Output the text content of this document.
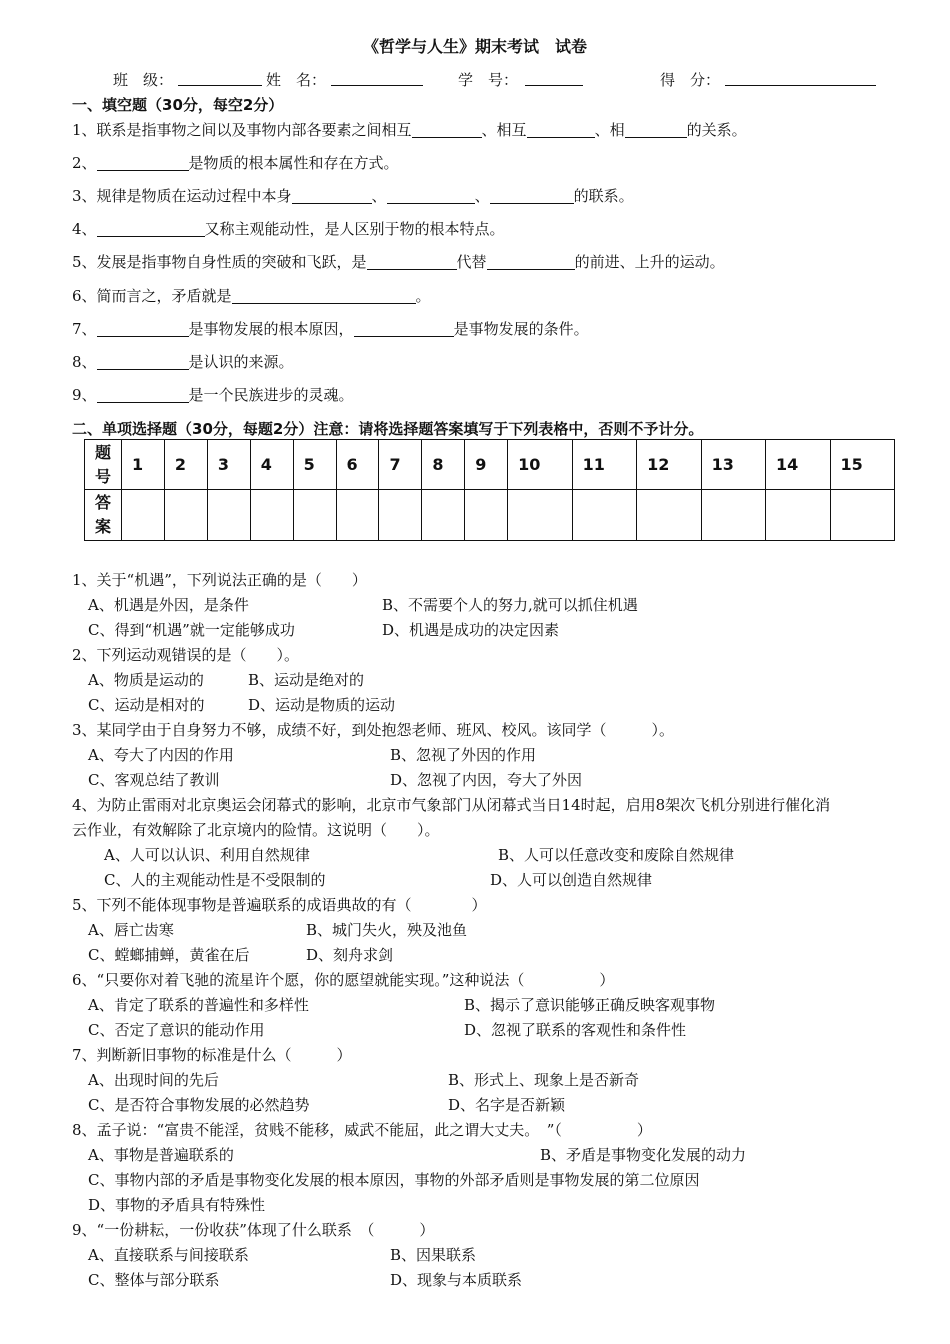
《哲学与人生》期末考试　试卷
班　级：	姓　名：	学　号：	得　分：
一、填空题（30分，每空2分）
1、联系是指事物之间以及事物内部各要素之间相互	、相互	、相	的关系。
2、	是物质的根本属性和存在方式。
3、规律是物质在运动过程中本身	、	、	的联系。
4、	又称主观能动性，是人区别于物的根本特点。
5、发展是指事物自身性质的突破和飞跃，是	代替	的前进、上升的运动。
6、简而言之，矛盾就是	。
7、	是事物发展的根本原因，	是事物发展的条件。
8、	是认识的来源。
9、	是一个民族进步的灵魂。
二、单项选择题（30分，每题2分）注意：请将选择题答案填写于下列表格中，否则不予计分。
题
号	1	2	3	4	5	6	7	8	9	10	11	12	13	14	15
答
案															
1、关于“机遇”，下列说法正确的是（　　）
A、机遇是外因，是条件	B、不需要个人的努力,就可以抓住机遇
C、得到“机遇”就一定能够成功	D、机遇是成功的决定因素
2、下列运动观错误的是（　　）。
A、物质是运动的	B、运动是绝对的
C、运动是相对的	D、运动是物质的运动
3、某同学由于自身努力不够，成绩不好，到处抱怨老师、班风、校风。该同学（　　　）。
A、夸大了内因的作用	B、忽视了外因的作用
C、客观总结了教训	D、忽视了内因，夸大了外因
4、为防止雷雨对北京奥运会闭幕式的影响，北京市气象部门从闭幕式当日14时起，启用8架次飞机分别进行催化消
云作业，有效解除了北京境内的险情。这说明（　　）。
A、人可以认识、利用自然规律	B、人可以任意改变和废除自然规律
C、人的主观能动性是不受限制的	D、人可以创造自然规律
5、下列不能体现事物是普遍联系的成语典故的有（　　　　）
A、唇亡齿寒	B、城门失火，殃及池鱼
C、螳螂捕蝉，黄雀在后	D、刻舟求剑
6、“只要你对着飞驰的流星许个愿，你的愿望就能实现。”这种说法（　　　　　）
A、肯定了联系的普遍性和多样性	B、揭示了意识能够正确反映客观事物
C、否定了意识的能动作用	D、忽视了联系的客观性和条件性
7、判断新旧事物的标准是什么（　　　）
A、出现时间的先后	B、形式上、现象上是否新奇
C、是否符合事物发展的必然趋势	D、名字是否新颖
8、孟子说：“富贵不能淫，贫贱不能移，威武不能屈，此之谓大丈夫。　”（　　　　　）
A、事物是普遍联系的	B、矛盾是事物变化发展的动力
C、事物内部的矛盾是事物变化发展的根本原因，事物的外部矛盾则是事物发展的第二位原因
D、事物的矛盾具有特殊性
9、“一份耕耘，一份收获”体现了什么联系　（　　　）
A、直接联系与间接联系	B、因果联系
C、整体与部分联系	D、现象与本质联系
